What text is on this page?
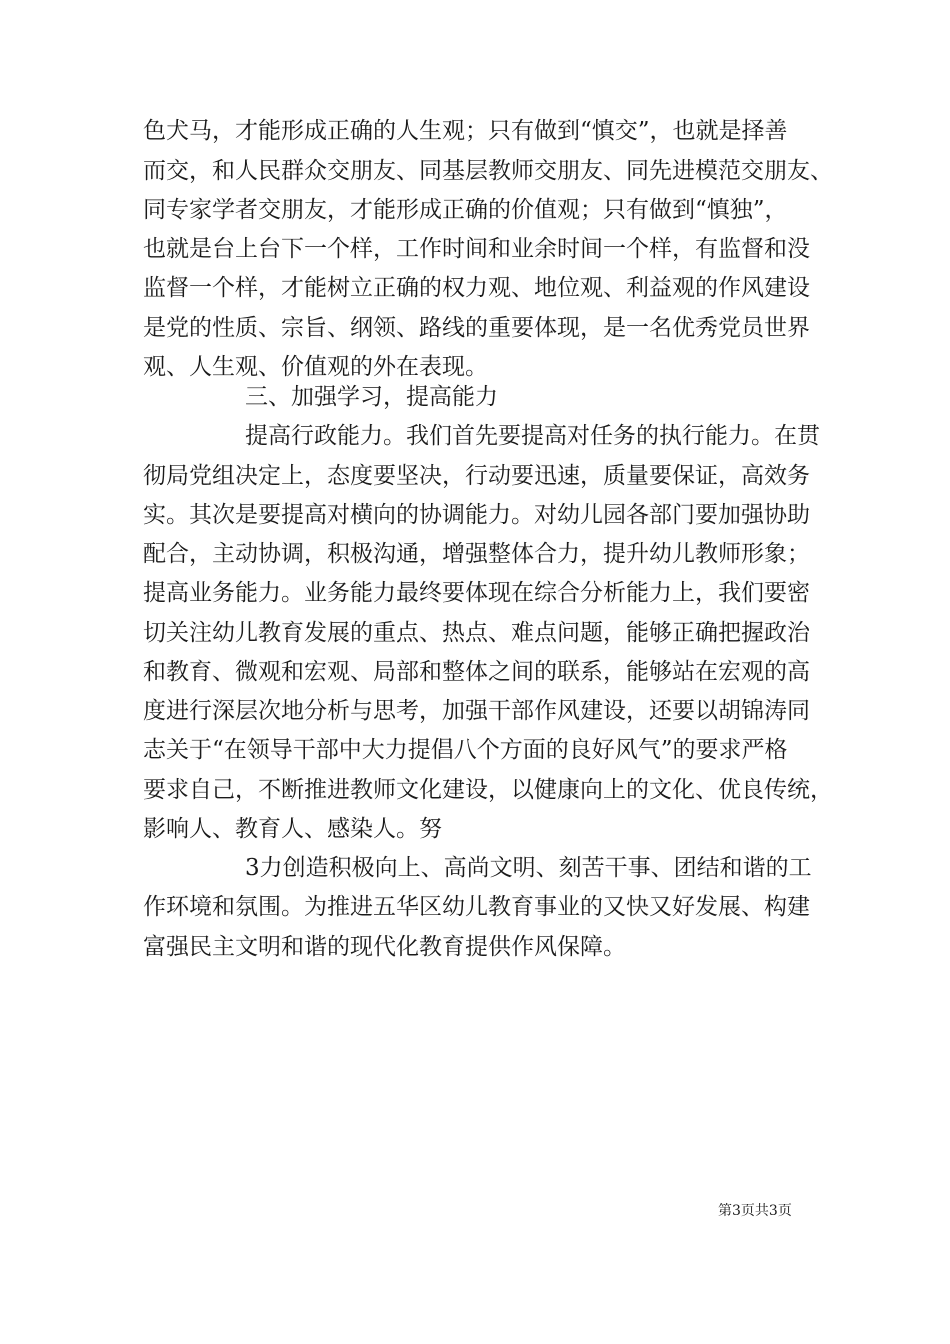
色犬马，才能形成正确的人生观；只有做到“慎交”，也就是择善
而交，和人民群众交朋友、同基层教师交朋友、同先进模范交朋友、
同专家学者交朋友，才能形成正确的价值观；只有做到“慎独”，
也就是台上台下一个样，工作时间和业余时间一个样，有监督和没
监督一个样，才能树立正确的权力观、地位观、利益观的作风建设
是党的性质、宗旨、纲领、路线的重要体现，是一名优秀党员世界
观、人生观、价值观的外在表现。
三、加强学习，提高能力
提高行政能力。我们首先要提高对任务的执行能力。在贯
彻局党组决定上，态度要坚决，行动要迅速，质量要保证，高效务
实。其次是要提高对横向的协调能力。对幼儿园各部门要加强协助
配合，主动协调，积极沟通，增强整体合力，提升幼儿教师形象；
提高业务能力。业务能力最终要体现在综合分析能力上，我们要密
切关注幼儿教育发展的重点、热点、难点问题，能够正确把握政治
和教育、微观和宏观、局部和整体之间的联系，能够站在宏观的高
度进行深层次地分析与思考，加强干部作风建设，还要以胡锦涛同
志关于“在领导干部中大力提倡八个方面的良好风气”的要求严格
要求自己，不断推进教师文化建设，以健康向上的文化、优良传统，
影响人、教育人、感染人。努
3力创造积极向上、高尚文明、刻苦干事、团结和谐的工
作环境和氛围。为推进五华区幼儿教育事业的又快又好发展、构建
富强民主文明和谐的现代化教育提供作风保障。
第3页共3页
